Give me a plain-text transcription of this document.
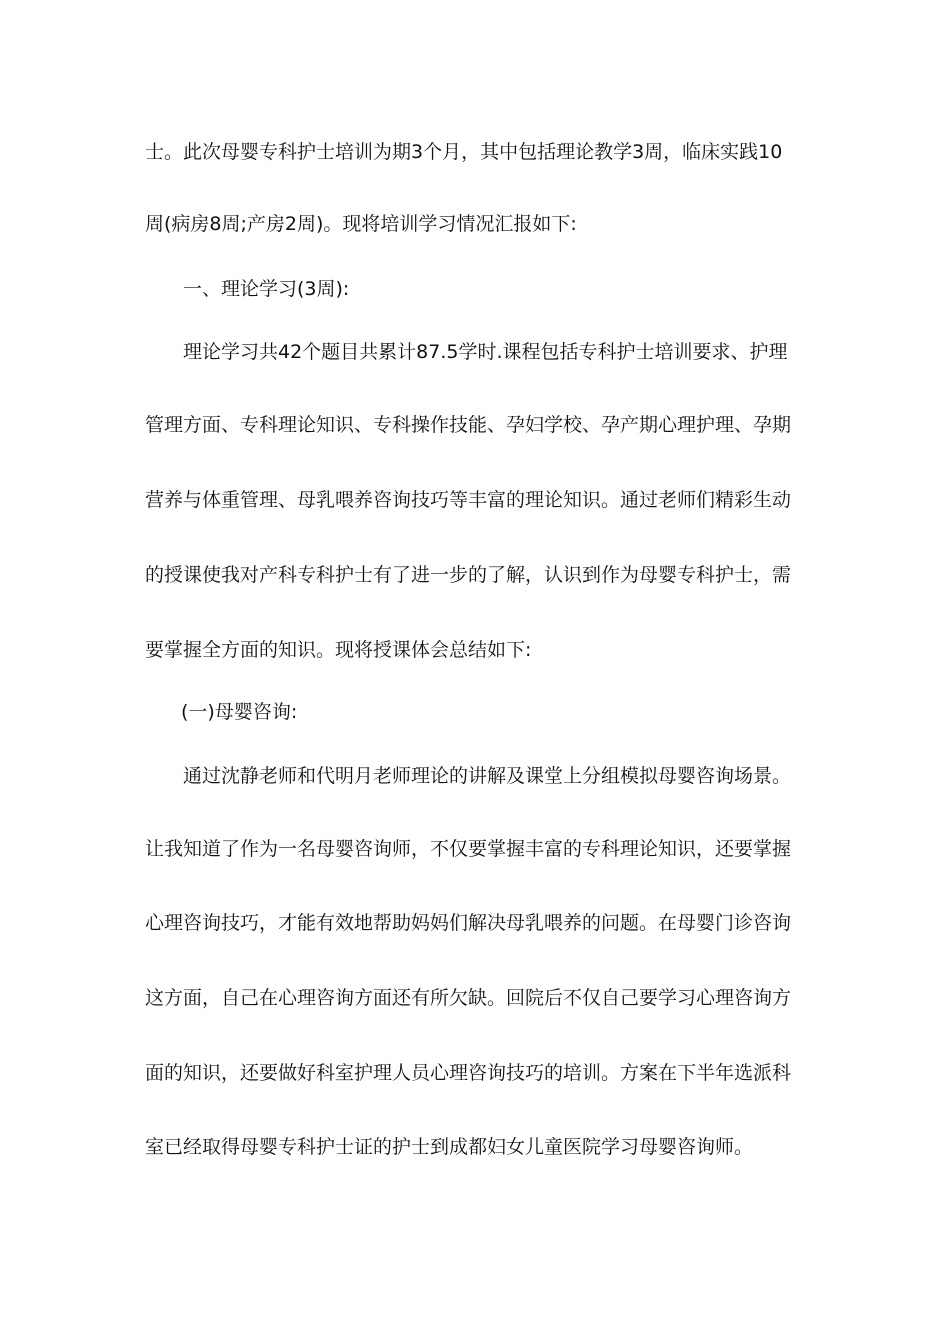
士。此次母婴专科护士培训为期3个月，其中包括理论教学3周，临床实践10
周(病房8周;产房2周)。现将培训学习情况汇报如下:
一、理论学习(3周):
理论学习共42个题目共累计87.5学时.课程包括专科护士培训要求、护理
管理方面、专科理论知识、专科操作技能、孕妇学校、孕产期心理护理、孕期
营养与体重管理、母乳喂养咨询技巧等丰富的理论知识。通过老师们精彩生动
的授课使我对产科专科护士有了进一步的了解，认识到作为母婴专科护士，需
要掌握全方面的知识。现将授课体会总结如下:
(一)母婴咨询:
通过沈静老师和代明月老师理论的讲解及课堂上分组模拟母婴咨询场景。
让我知道了作为一名母婴咨询师，不仅要掌握丰富的专科理论知识，还要掌握
心理咨询技巧，才能有效地帮助妈妈们解决母乳喂养的问题。在母婴门诊咨询
这方面，自己在心理咨询方面还有所欠缺。回院后不仅自己要学习心理咨询方
面的知识，还要做好科室护理人员心理咨询技巧的培训。方案在下半年选派科
室已经取得母婴专科护士证的护士到成都妇女儿童医院学习母婴咨询师。
